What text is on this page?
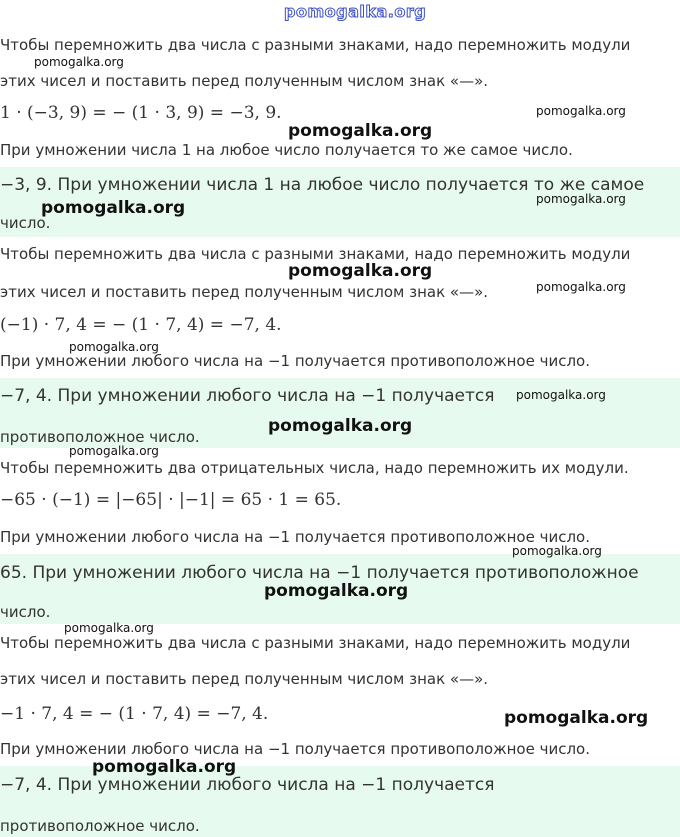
pomogalka.org
Чтобы перемножить два числа с разными знаками, надо перемножить модули
этих чисел и поставить перед полученным числом знак «—».
1 · (−3, 9) = − (1 · 3, 9) = −3, 9.
При умножении числа 1 на любое число получается то же самое число.
−3, 9. При умножении числа 1 на любое число получается то же самое
число.
Чтобы перемножить два числа с разными знаками, надо перемножить модули
этих чисел и поставить перед полученным числом знак «—».
(−1) · 7, 4 = − (1 · 7, 4) = −7, 4.
При умножении любого числа на −1 получается противоположное число.
−7, 4. При умножении любого числа на −1 получается
противоположное число.
Чтобы перемножить два отрицательных числа, надо перемножить их модули.
−65 · (−1) = |−65| · |−1| = 65 · 1 = 65.
При умножении любого числа на −1 получается противоположное число.
65. При умножении любого числа на −1 получается противоположное
число.
Чтобы перемножить два числа с разными знаками, надо перемножить модули
этих чисел и поставить перед полученным числом знак «—».
−1 · 7, 4 = − (1 · 7, 4) = −7, 4.
При умножении любого числа на −1 получается противоположное число.
−7, 4. При умножении любого числа на −1 получается
противоположное число.
pomogalka.org
pomogalka.org
pomogalka.org
pomogalka.org
pomogalka.org
pomogalka.org
pomogalka.org
pomogalka.org
pomogalka.org
pomogalka.org
pomogalka.org
pomogalka.org
pomogalka.org
pomogalka.org
pomogalka.org
pomogalka.org
